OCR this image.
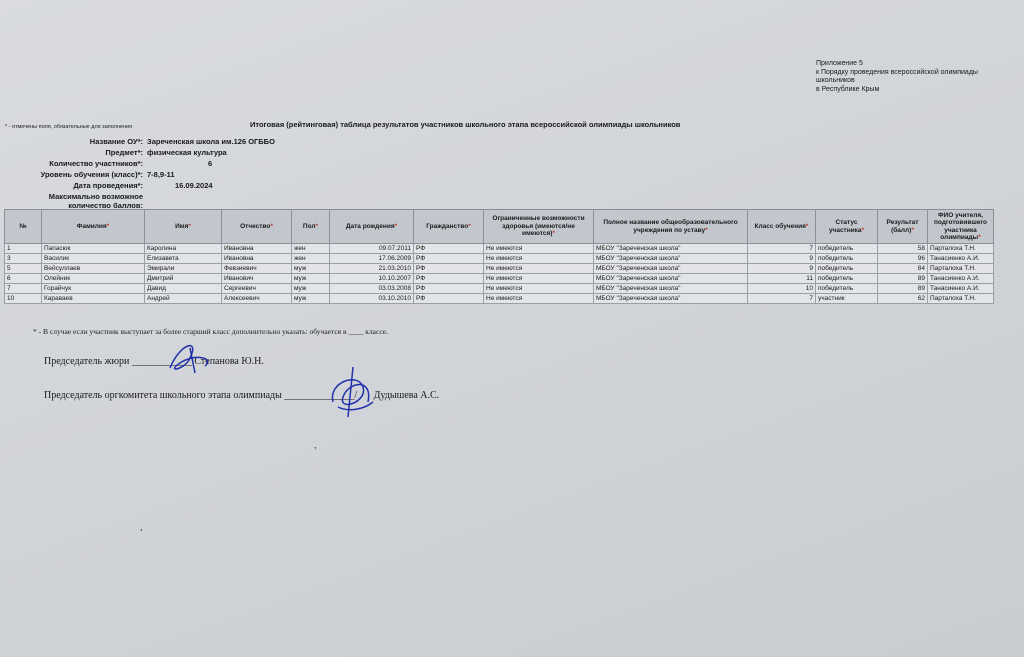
Приложение 5
к Порядку проведения всероссийской олимпиады
школьников
в Республике Крым
* - отмечены поля, обязательные для заполнения	Итоговая (рейтинговая) таблица результатов участников школьного этапа всероссийской олимпиады школьников
Название ОУ*: Зареченская школа им.126 ОГББО
Предмет*: физическая культура
Количество участников*:	6
Уровень обучения (класс)*: 7-8,9-11
Дата проведения*:	16.09.2024
Максимально возможное
количество баллов:
№	Фамилия*	Имя*	Отчество*	Пол*	Дата рождения*	Гражданство*	Ограниченные возможности здоровья (имеются/не имеются)*	Полное название общеобразовательного учреждения по уставу*	Класс обучения*	Статус участника*	Результат (балл)*	ФИО учителя, подготовившего участника олимпиады*
1	Папасюк	Каролина	Ивановна	жен	09.07.2011	РФ	Не имеются	МБОУ "Зареченская школа"	7	победитель	58	Парталоха Т.Н.
3	Василик	Елизавета	Ивановна	жен	17.06.2009	РФ	Не имеются	МБОУ "Зареченская школа"	9	победитель	96	Танасиенко А.И.
5	Вейсуллаев	Эмирали	Февзиевич	муж	21.03.2010	РФ	Не имеются	МБОУ "Зареченская школа"	9	победитель	84	Парталоха Т.Н.
6	Олейник	Дмитрий	Иванович	муж	10.10.2007	РФ	Не имеются	МБОУ "Зареченская школа"	11	победитель	89	Танасиенко А.И.
7	Горайчук	Давид	Сергеевич	муж	03.03.2008	РФ	Не имеются	МБОУ "Зареченская школа"	10	победитель	89	Танасиенко А.И.
10	Караваев	Андрей	Алексеевич	муж	03.10.2010	РФ	Не имеются	МБОУ "Зареченская школа"	7	участник	62	Парталоха Т.Н.
* - В случае если участник выступает за более старший класс дополнительно указать: обучается в ____ классе.
Председатель жюри ____________ Степанова Ю.Н.
Председатель оргкомитета школьного этапа олимпиады ______________/ Дудышева А.С.
,
,
